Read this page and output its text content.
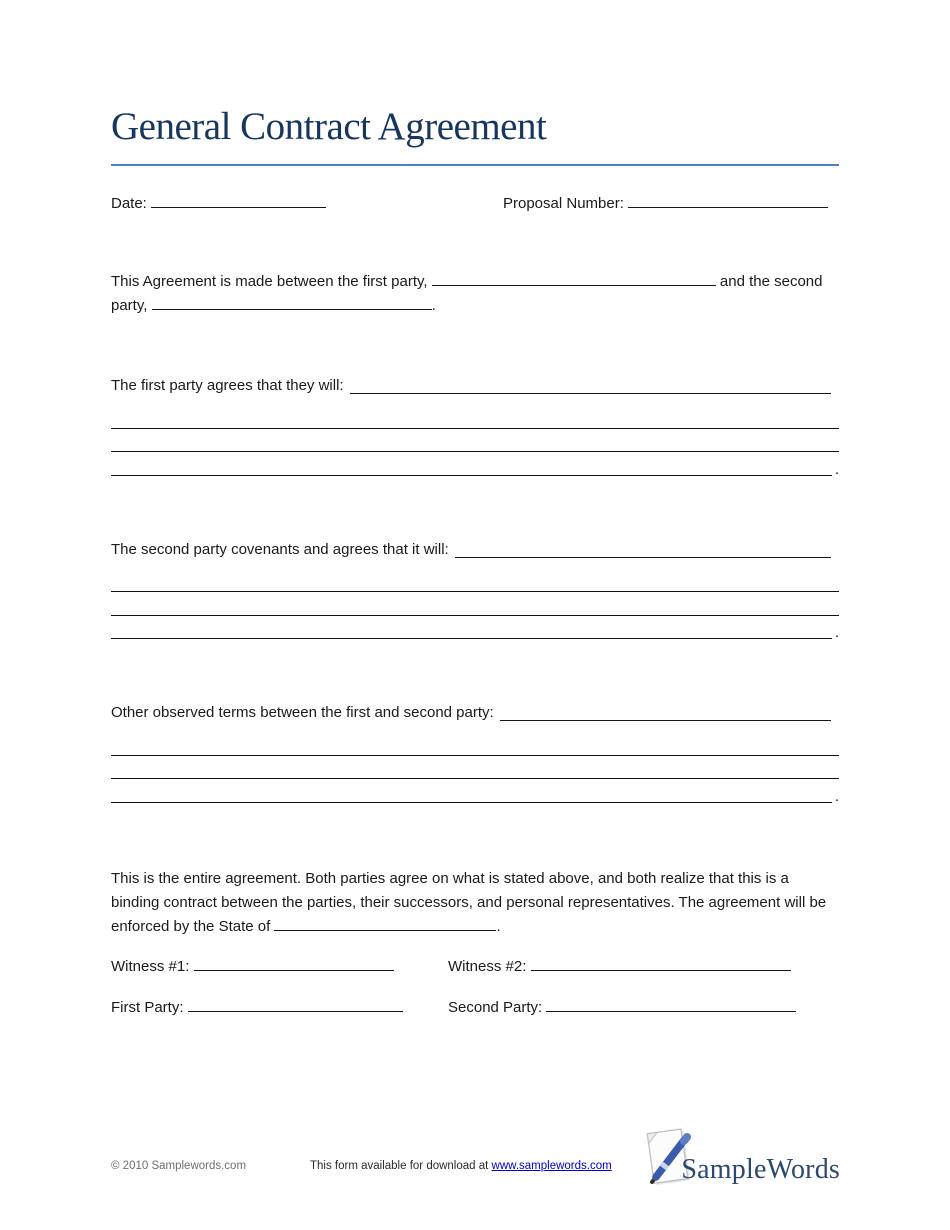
General Contract Agreement
Date:	Proposal Number:

This Agreement is made between the first party,	and the second party,	.

The first party agrees that they will:
.
The second party covenants and agrees that it will:
.
Other observed terms between the first and second party:
.

This is the entire agreement. Both parties agree on what is stated above, and both realize that this is a binding contract between the parties, their successors, and personal representatives. The agreement will be enforced by the State of	.

Witness #1:	Witness #2:
First Party:	Second Party:
© 2010 Samplewords.com	This form available for download at www.samplewords.com SampleWords
